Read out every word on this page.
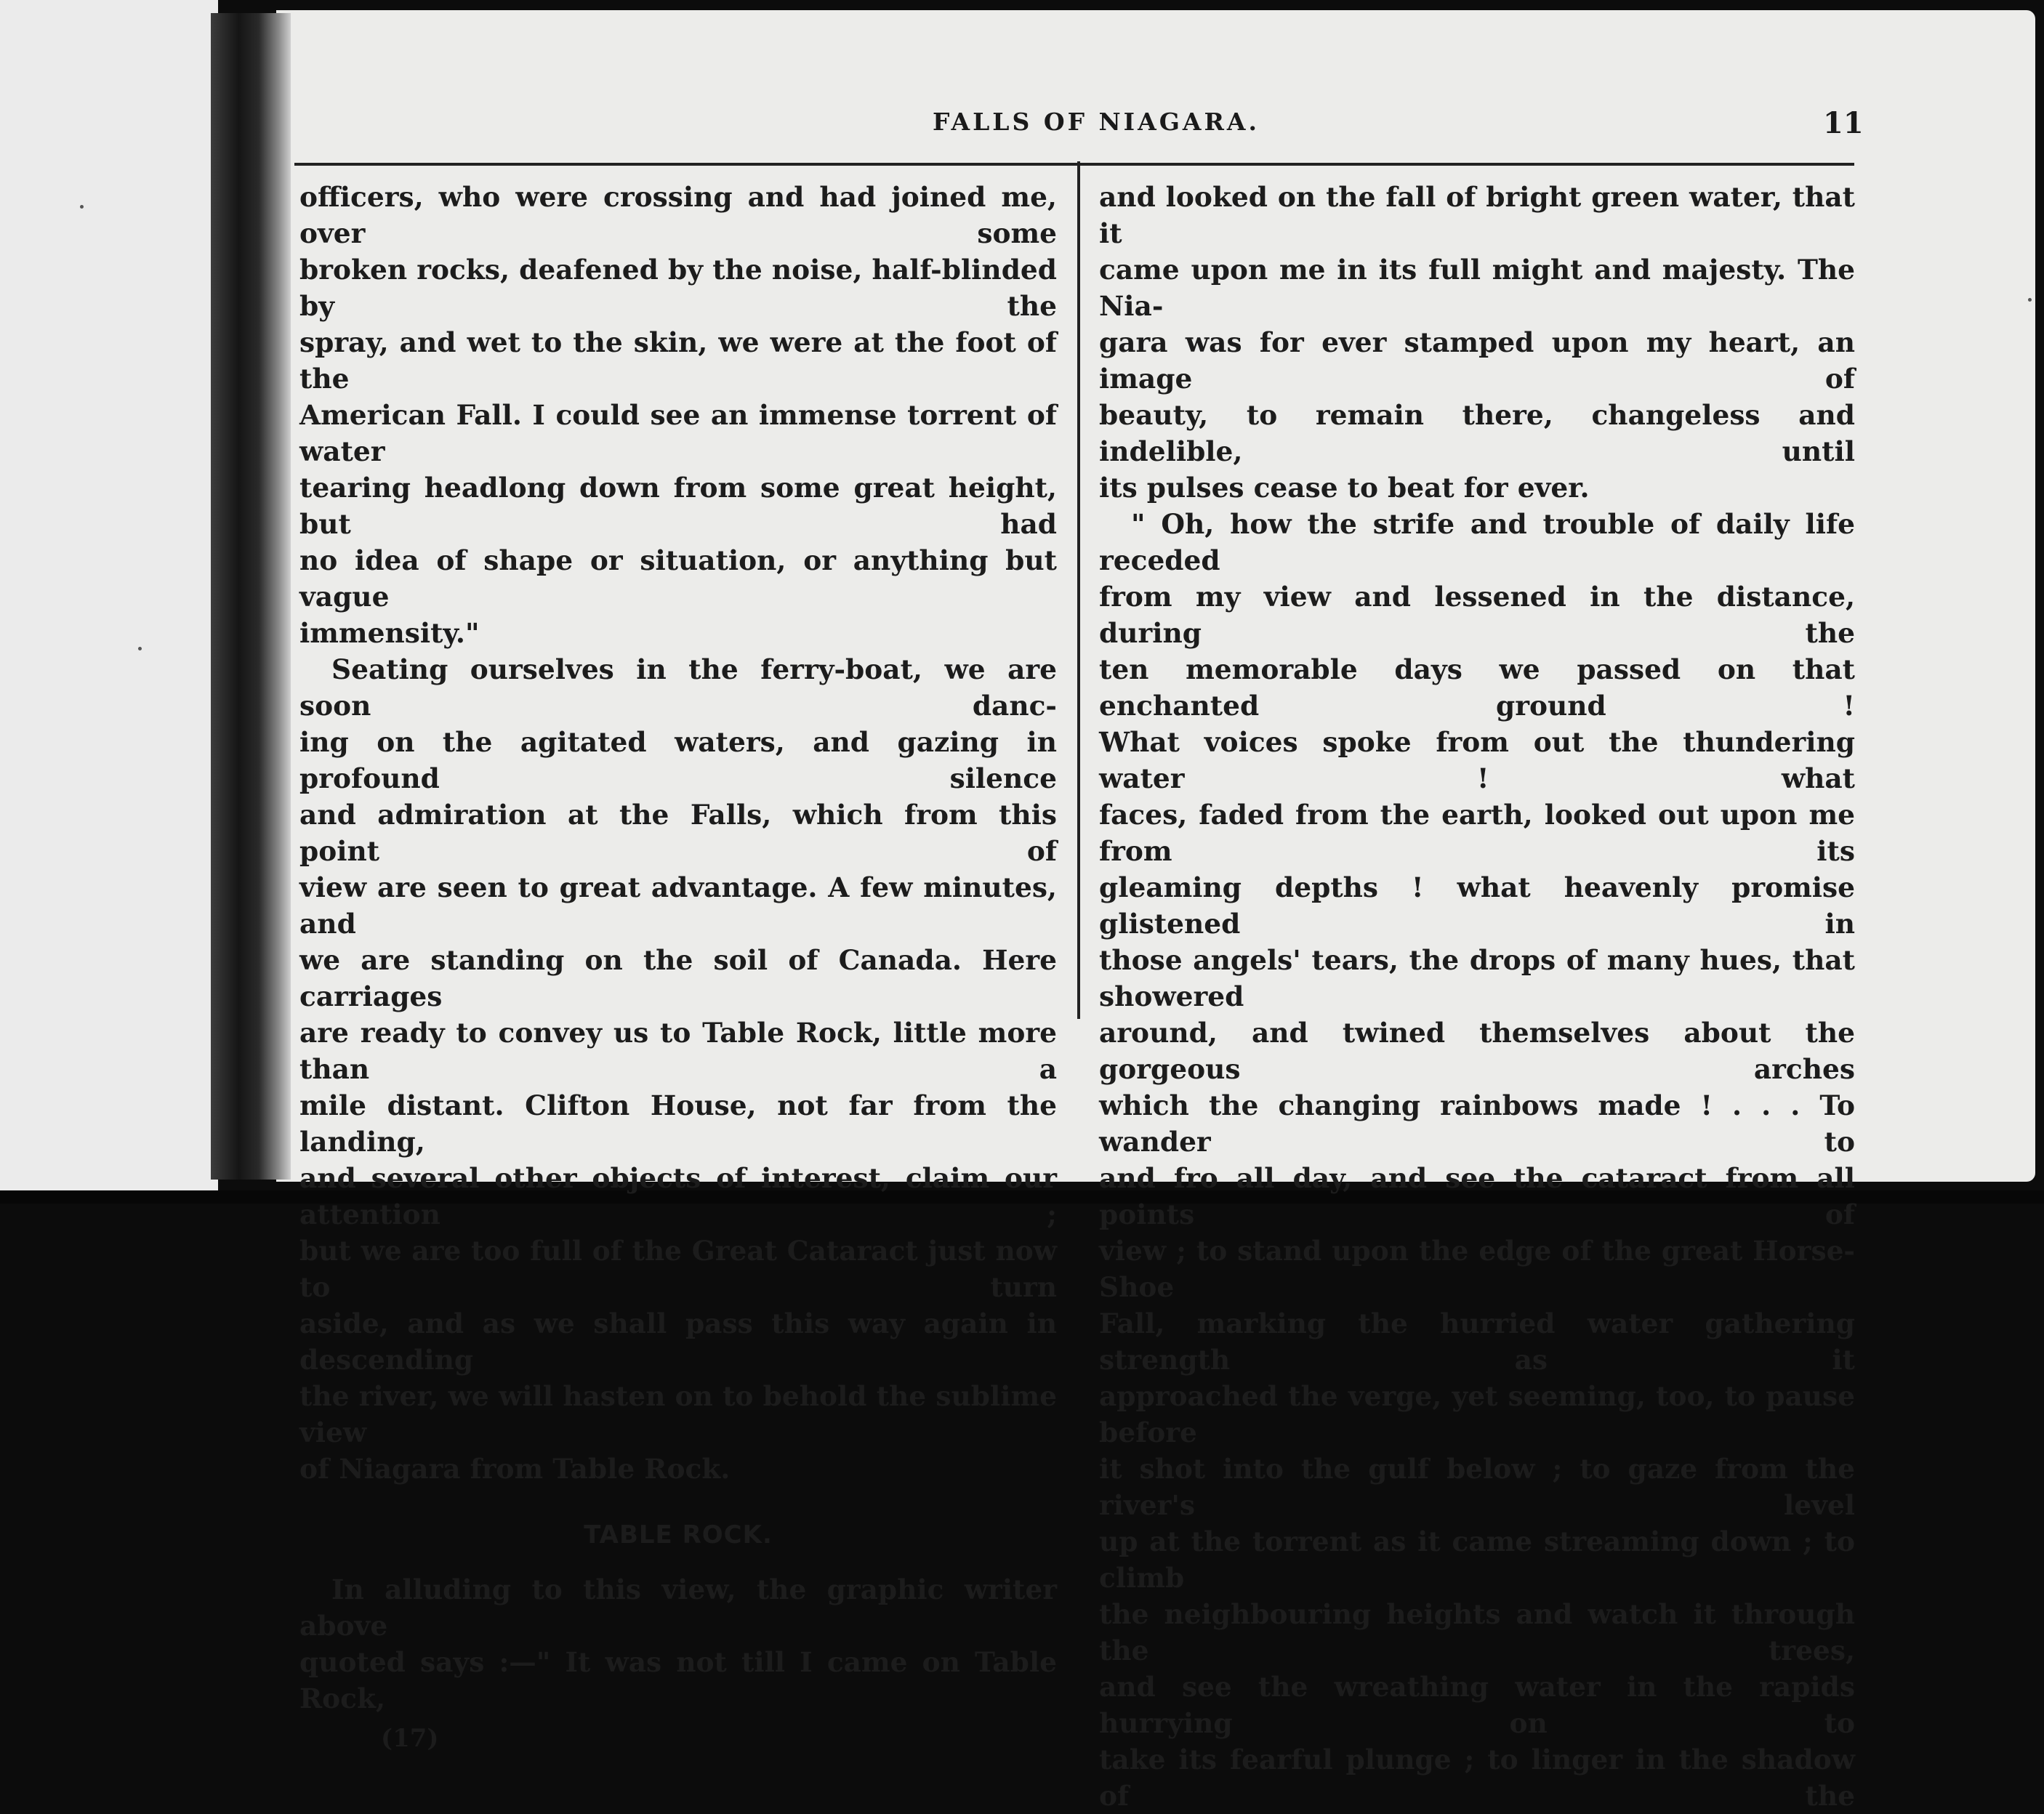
FALLS OF NIAGARA.	11

officers, who were crossing and had joined me, over some

broken rocks, deafened by the noise, half-blinded by the

spray, and wet to the skin, we were at the foot of the

American Fall. I could see an immense torrent of water

tearing headlong down from some great height, but had

no idea of shape or situation, or anything but vague

immensity."

Seating ourselves in the ferry-boat, we are soon danc-

ing on the agitated waters, and gazing in profound silence

and admiration at the Falls, which from this point of

view are seen to great advantage. A few minutes, and

we are standing on the soil of Canada. Here carriages

are ready to convey us to Table Rock, little more than a

mile distant. Clifton House, not far from the landing,

and several other objects of interest, claim our attention ;

but we are too full of the Great Cataract just now to turn

aside, and as we shall pass this way again in descending

the river, we will hasten on to behold the sublime view

of Niagara from Table Rock.

TABLE ROCK.

In alluding to this view, the graphic writer above

quoted says :—" It was not till I came on Table Rock,

(17)

and looked on the fall of bright green water, that it

came upon me in its full might and majesty. The Nia-

gara was for ever stamped upon my heart, an image of

beauty, to remain there, changeless and indelible, until

its pulses cease to beat for ever.

" Oh, how the strife and trouble of daily life receded

from my view and lessened in the distance, during the

ten memorable days we passed on that enchanted ground !

What voices spoke from out the thundering water ! what

faces, faded from the earth, looked out upon me from its

gleaming depths ! what heavenly promise glistened in

those angels' tears, the drops of many hues, that showered

around, and twined themselves about the gorgeous arches

which the changing rainbows made ! . . . To wander to

and fro all day, and see the cataract from all points of

view ; to stand upon the edge of the great Horse-Shoe

Fall, marking the hurried water gathering strength as it

approached the verge, yet seeming, too, to pause before

it shot into the gulf below ; to gaze from the river's level

up at the torrent as it came streaming down ; to climb

the neighbouring heights and watch it through the trees,

and see the wreathing water in the rapids hurrying on to

take its fearful plunge ; to linger in the shadow of the
